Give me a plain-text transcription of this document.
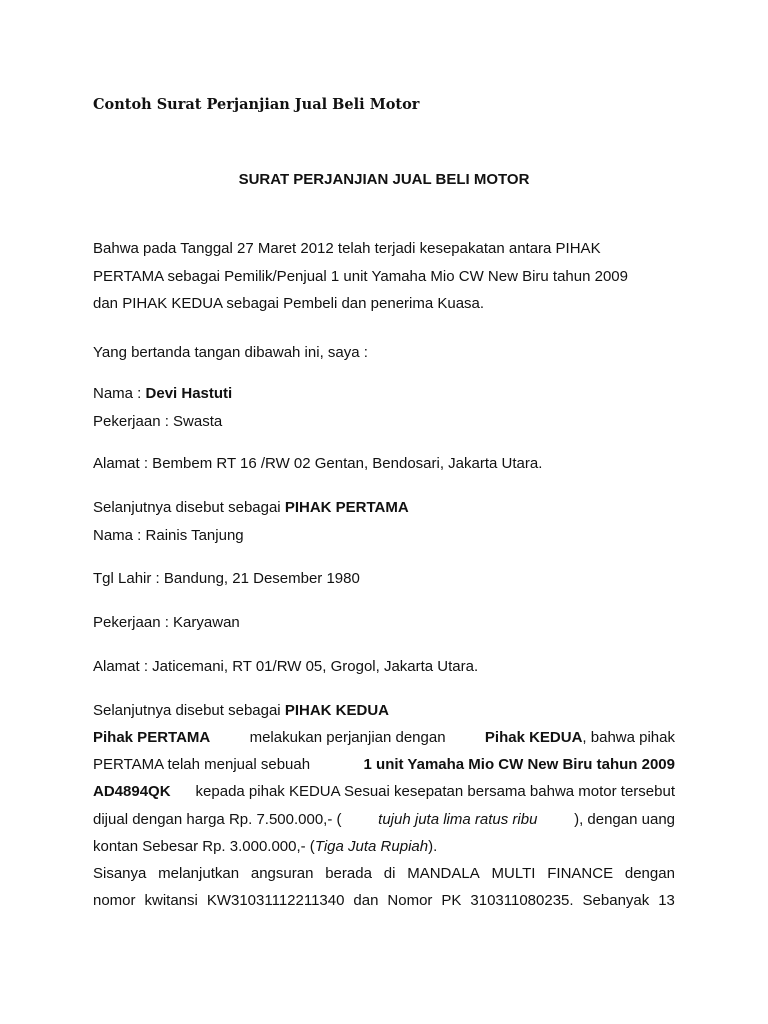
Contoh Surat Perjanjian Jual Beli Motor
SURAT PERJANJIAN JUAL BELI MOTOR
Bahwa pada Tanggal 27 Maret 2012 telah terjadi kesepakatan antara PIHAK
PERTAMA sebagai Pemilik/Penjual 1 unit Yamaha Mio CW New Biru tahun 2009
dan PIHAK KEDUA sebagai Pembeli dan penerima Kuasa.

Yang bertanda tangan dibawah ini, saya :

Nama : Devi Hastuti
Pekerjaan : Swasta

Alamat : Bembem RT 16 /RW 02 Gentan, Bendosari, Jakarta Utara.

Selanjutnya disebut sebagai PIHAK PERTAMA
Nama : Rainis Tanjung

Tgl Lahir : Bandung, 21 Desember 1980

Pekerjaan : Karyawan

Alamat : Jaticemani, RT 01/RW 05, Grogol, Jakarta Utara.

Selanjutnya disebut sebagai PIHAK KEDUA

Pihak PERTAMA	melakukan perjanjian dengan	Pihak KEDUA, bahwa pihak
PERTAMA telah menjual sebuah	1 unit Yamaha Mio CW New Biru tahun 2009
AD4894QK kepada pihak KEDUA Sesuai kesepatan bersama bahwa motor tersebut
dijual dengan harga Rp. 7.500.000,- ( tujuh juta lima ratus ribu ), dengan uang
kontan Sebesar Rp. 3.000.000,- ( Tiga Juta Rupiah ).
Sisanya melanjutkan angsuran berada di MANDALA MULTI FINANCE dengan
nomor kwitansi KW31031112211340 dan Nomor PK 310311080235. Sebanyak 13
